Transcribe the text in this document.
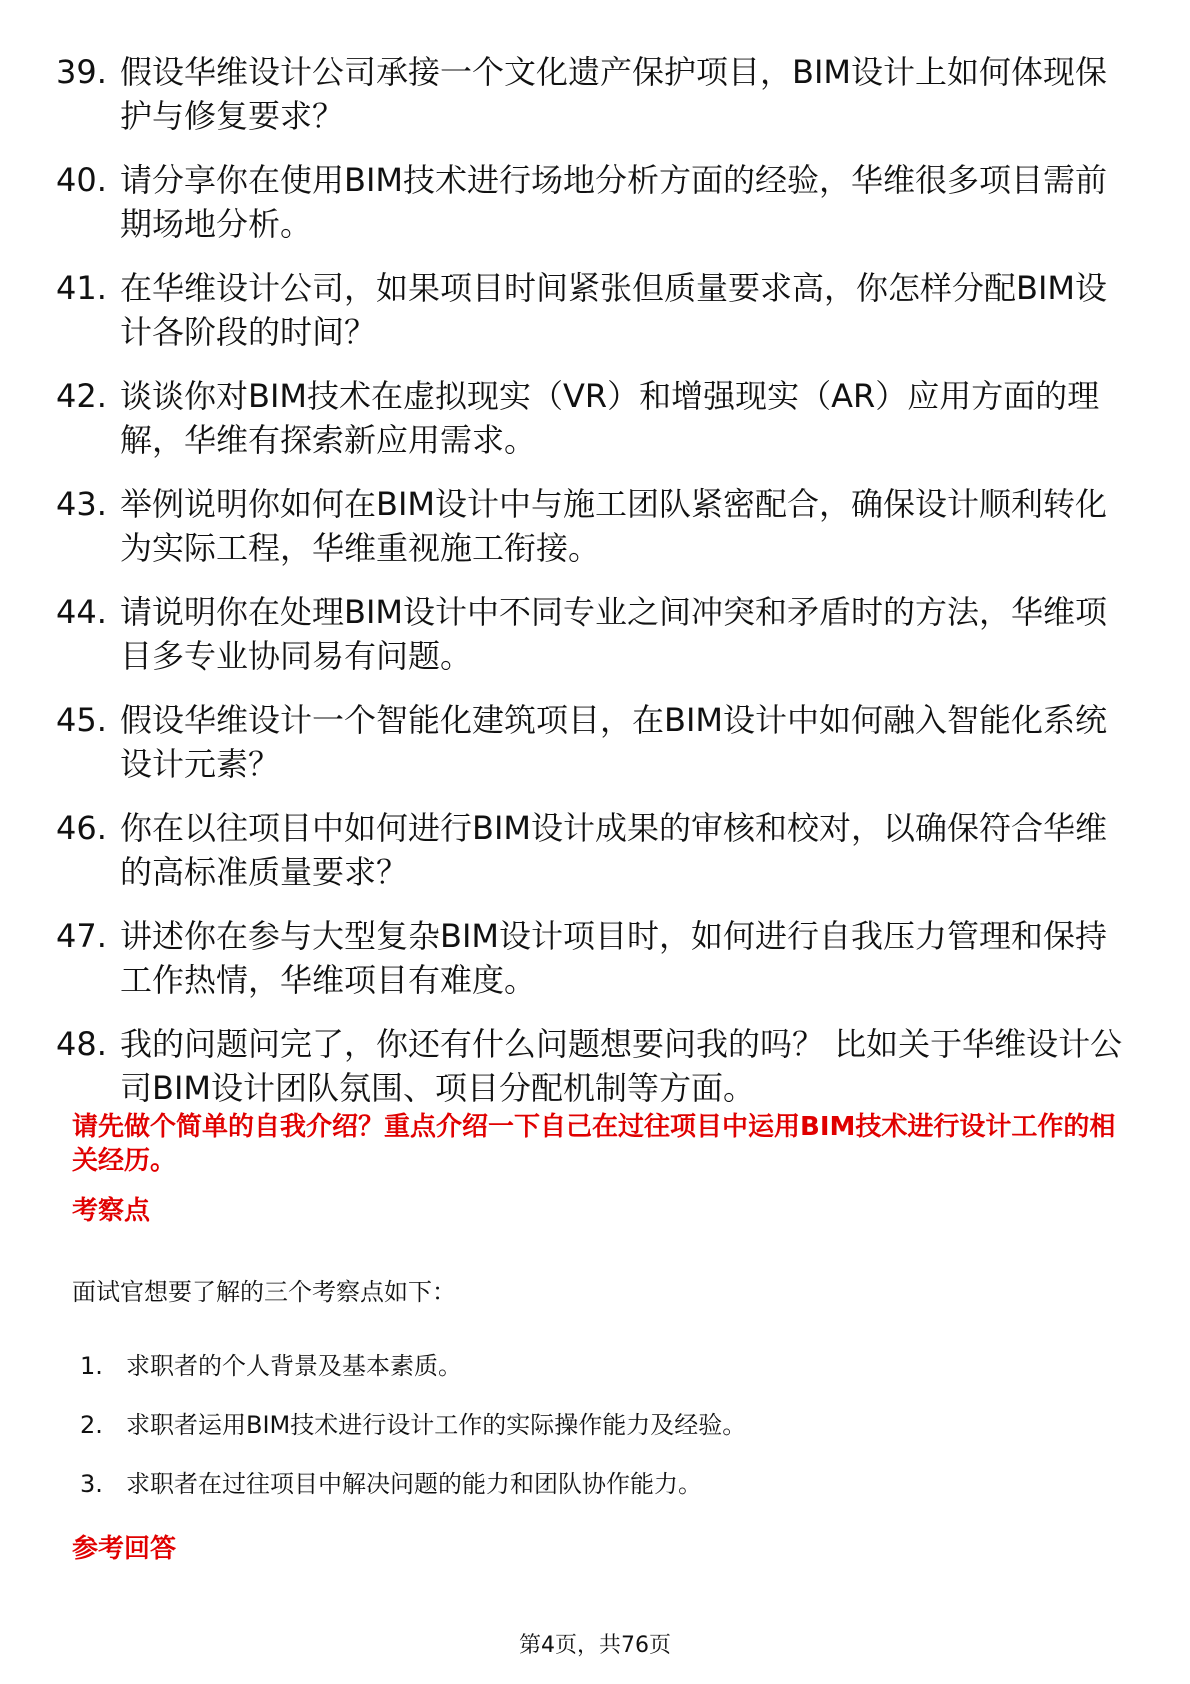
39. 假设华维设计公司承接一个文化遗产保护项目，BIM设计上如何体现保护与修复要求？
40. 请分享你在使用BIM技术进行场地分析方面的经验，华维很多项目需前期场地分析。
41. 在华维设计公司，如果项目时间紧张但质量要求高，你怎样分配BIM设计各阶段的时间？
42. 谈谈你对BIM技术在虚拟现实（VR）和增强现实（AR）应用方面的理解，华维有探索新应用需求。
43. 举例说明你如何在BIM设计中与施工团队紧密配合，确保设计顺利转化为实际工程，华维重视施工衔接。
44. 请说明你在处理BIM设计中不同专业之间冲突和矛盾时的方法，华维项目多专业协同易有问题。
45. 假设华维设计一个智能化建筑项目，在BIM设计中如何融入智能化系统设计元素？
46. 你在以往项目中如何进行BIM设计成果的审核和校对，以确保符合华维的高标准质量要求？
47. 讲述你在参与大型复杂BIM设计项目时，如何进行自我压力管理和保持工作热情，华维项目有难度。
48. 我的问题问完了，你还有什么问题想要问我的吗？ 比如关于华维设计公司BIM设计团队氛围、项目分配机制等方面。
请先做个简单的自我介绍？重点介绍一下自己在过往项目中运用BIM技术进行设计工作的相关经历。
考察点
面试官想要了解的三个考察点如下：
1. 求职者的个人背景及基本素质。
2. 求职者运用BIM技术进行设计工作的实际操作能力及经验。
3. 求职者在过往项目中解决问题的能力和团队协作能力。
参考回答
第4页，共76页
